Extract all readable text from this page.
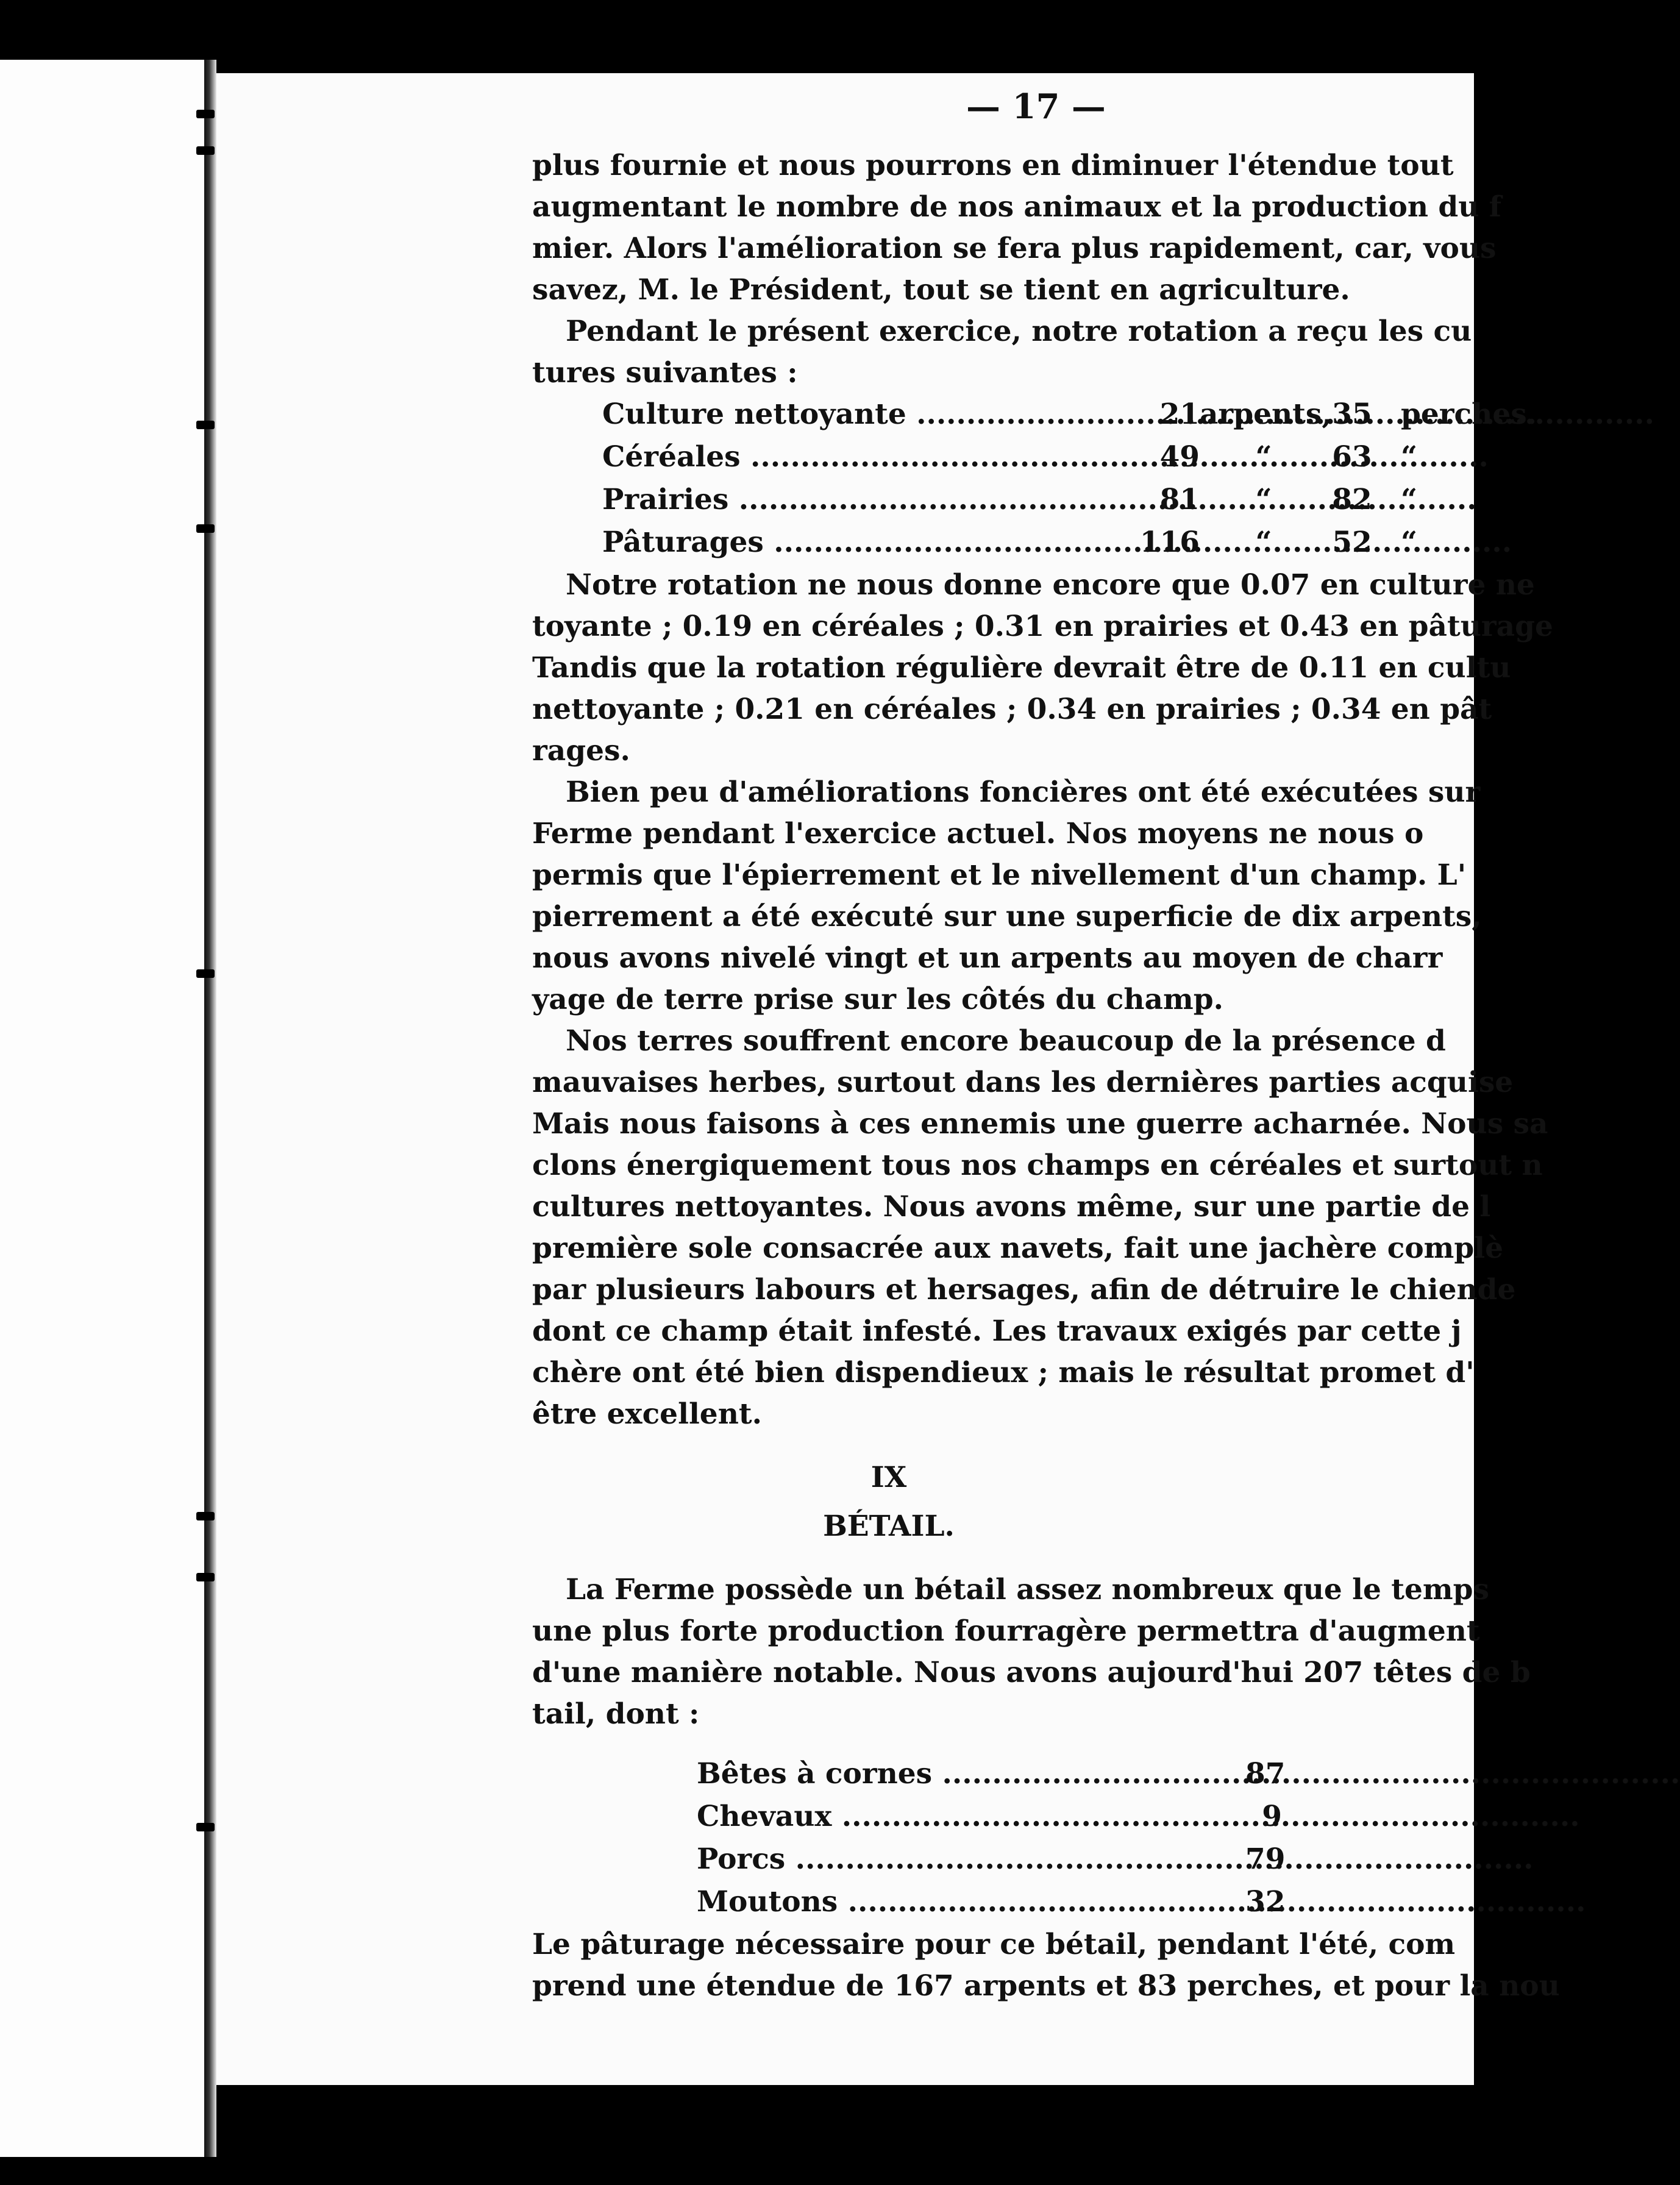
— 17 —
plus fournie et nous pourrons en diminuer l'étendue tout
augmentant le nombre de nos animaux et la production du f
mier. Alors l'amélioration se fera plus rapidement, car, vous
savez, M. le Président, tout se tient en agriculture.
Pendant le présent exercice, notre rotation a reçu les cu
tures suivantes :
Culture nettoyante .....	21 arpents, 35	perches.
Céréales .....	49	“	63	“
Prairies .....	81	“	82	“
Pâturages .....	116	“	52	“
Notre rotation ne nous donne encore que 0.07 en culture ne
toyante ; 0.19 en céréales ; 0.31 en prairies et 0.43 en pâturage
Tandis que la rotation régulière devrait être de 0.11 en cultu
nettoyante ; 0.21 en céréales ; 0.34 en prairies ; 0.34 en pât
rages.
Bien peu d'améliorations foncières ont été exécutées sur
Ferme pendant l'exercice actuel. Nos moyens ne nous o
permis que l'épierrement et le nivellement d'un champ. L'
pierrement a été exécuté sur une superficie de dix arpents,
nous avons nivelé vingt et un arpents au moyen de charr
yage de terre prise sur les côtés du champ.
Nos terres souffrent encore beaucoup de la présence d
mauvaises herbes, surtout dans les dernières parties acquise
Mais nous faisons à ces ennemis une guerre acharnée. Nous sa
clons énergiquement tous nos champs en céréales et surtout n
cultures nettoyantes. Nous avons même, sur une partie de l
première sole consacrée aux navets, fait une jachère complè
par plusieurs labours et hersages, afin de détruire le chiende
dont ce champ était infesté. Les travaux exigés par cette j
chère ont été bien dispendieux ; mais le résultat promet d'
être excellent.
IX
BÉTAIL.
La Ferme possède un bétail assez nombreux que le temps
une plus forte production fourragère permettra d'augment
d'une manière notable. Nous avons aujourd'hui 207 têtes de b
tail, dont :
Bêtes à cornes .....	87
Chevaux .....	9
Porcs .....	79
Moutons .....	32
Le pâturage nécessaire pour ce bétail, pendant l'été, com
prend une étendue de 167 arpents et 83 perches, et pour la nou
